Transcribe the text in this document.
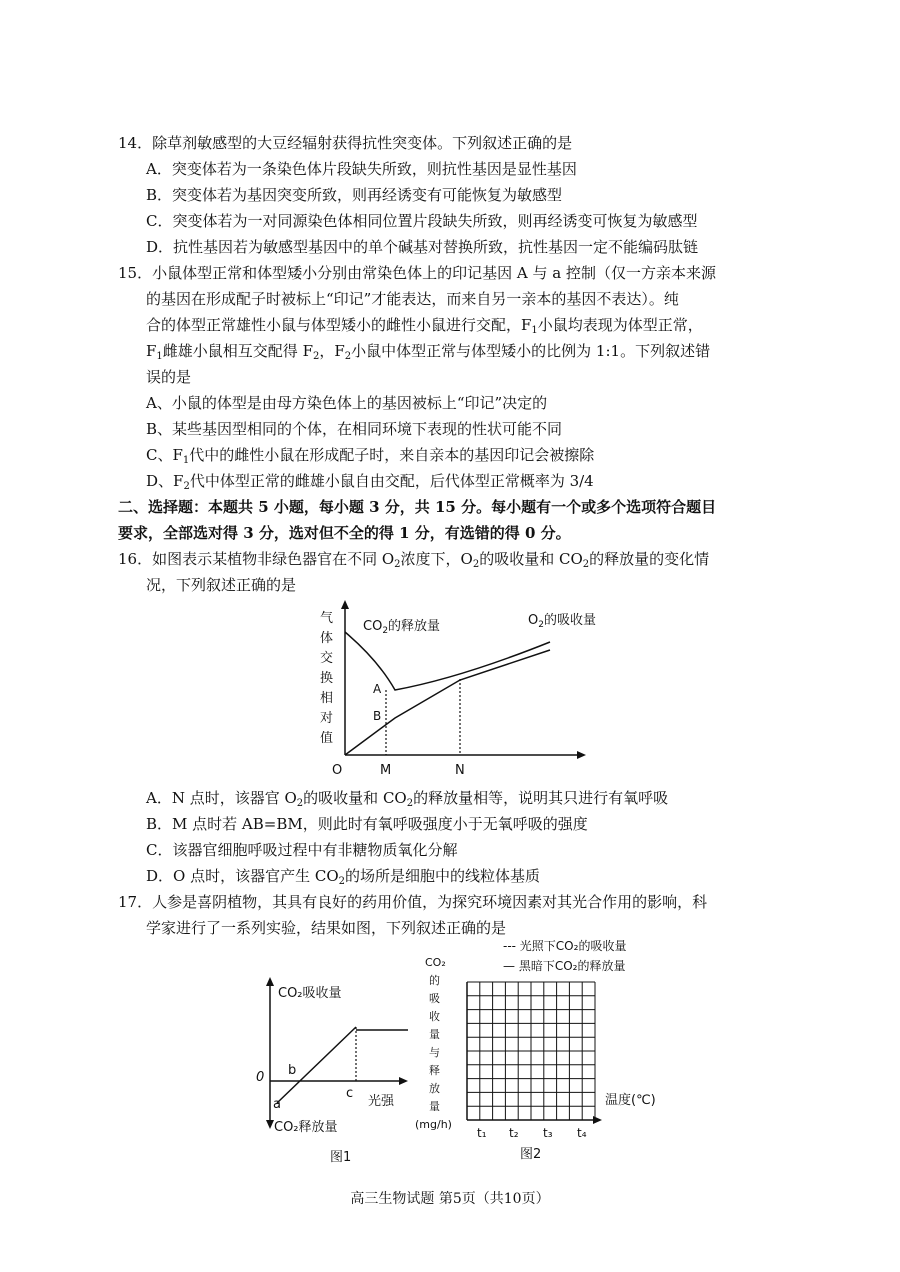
14．除草剂敏感型的大豆经辐射获得抗性突变体。下列叙述正确的是
A．突变体若为一条染色体片段缺失所致，则抗性基因是显性基因
B．突变体若为基因突变所致，则再经诱变有可能恢复为敏感型
C．突变体若为一对同源染色体相同位置片段缺失所致，则再经诱变可恢复为敏感型
D．抗性基因若为敏感型基因中的单个碱基对替换所致，抗性基因一定不能编码肽链
15．小鼠体型正常和体型矮小分别由常染色体上的印记基因 A 与 a 控制（仅一方亲本来源
的基因在形成配子时被标上“印记”才能表达，而来自另一亲本的基因不表达）。纯
合的体型正常雄性小鼠与体型矮小的雌性小鼠进行交配，$F_1$小鼠均表现为体型正常，
$F_1$雌雄小鼠相互交配得 $F_2$，$F_2$小鼠中体型正常与体型矮小的比例为 1:1。下列叙述错
误的是
A、小鼠的体型是由母方染色体上的基因被标上“印记”决定的
B、某些基因型相同的个体，在相同环境下表现的性状可能不同
C、$F_1$代中的雌性小鼠在形成配子时，来自亲本的基因印记会被擦除
D、$F_2$代中体型正常的雌雄小鼠自由交配，后代体型正常概率为 3/4
二、选择题：本题共 5 小题，每小题 3 分，共 15 分。每小题有一个或多个选项符合题目
要求，全部选对得 3 分，选对但不全的得 1 分，有选错的得 0 分。
16．如图表示某植物非绿色器官在不同 $O_2$浓度下，$O_2$的吸收量和 $CO_2$的释放量的变化情
况，下列叙述正确的是
气
体
交
换
相
对
值
$CO_2$的释放量	$O_2$的吸收量
A
B
O	M	N
A．N 点时，该器官 $O_2$的吸收量和 $CO_2$的释放量相等，说明其只进行有氧呼吸
B．M 点时若 AB=BM，则此时有氧呼吸强度小于无氧呼吸的强度
C．该器官细胞呼吸过程中有非糖物质氧化分解
D．O 点时，该器官产生 $CO_2$的场所是细胞中的线粒体基质
17．人参是喜阴植物，其具有良好的药用价值，为探究环境因素对其光合作用的影响，科
学家进行了一系列实验，结果如图，下列叙述正确的是
CO₂吸收量
CO₂释放量
0
a
b
c
光强
图1
--- 光照下CO₂的吸收量
— 黑暗下CO₂的释放量
CO₂
的
吸
收
量
与
释
放
量
(mg/h)
温度(℃)
t₁ t₂ t₃ t₄
图2
高三生物试题 第5页（共10页）
